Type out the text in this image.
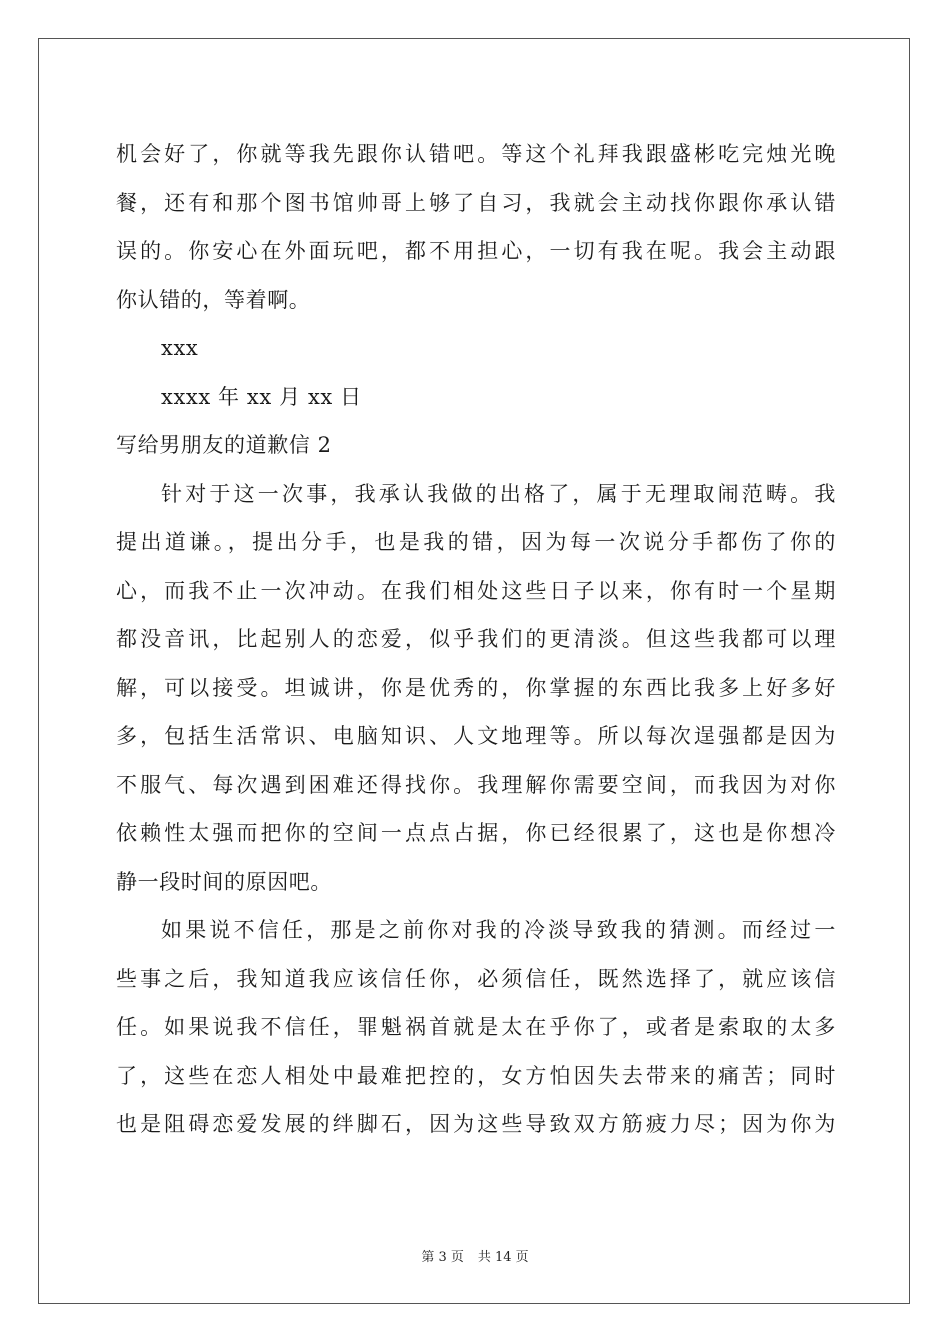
机会好了，你就等我先跟你认错吧。等这个礼拜我跟盛彬吃完烛光晚
餐，还有和那个图书馆帅哥上够了自习，我就会主动找你跟你承认错
误的。你安心在外面玩吧，都不用担心，一切有我在呢。我会主动跟
你认错的，等着啊。
xxx
xxxx 年 xx 月 xx 日
写给男朋友的道歉信 2
针对于这一次事，我承认我做的出格了，属于无理取闹范畴。我
提出道谦。，提出分手，也是我的错，因为每一次说分手都伤了你的
心，而我不止一次冲动。在我们相处这些日子以来，你有时一个星期
都没音讯，比起别人的恋爱，似乎我们的更清淡。但这些我都可以理
解，可以接受。坦诚讲，你是优秀的，你掌握的东西比我多上好多好
多，包括生活常识、电脑知识、人文地理等。所以每次逞强都是因为
不服气、每次遇到困难还得找你。我理解你需要空间，而我因为对你
依赖性太强而把你的空间一点点占据，你已经很累了，这也是你想冷
静一段时间的原因吧。
如果说不信任，那是之前你对我的冷淡导致我的猜测。而经过一
些事之后，我知道我应该信任你，必须信任，既然选择了，就应该信
任。如果说我不信任，罪魁祸首就是太在乎你了，或者是索取的太多
了，这些在恋人相处中最难把控的，女方怕因失去带来的痛苦；同时
也是阻碍恋爱发展的绊脚石，因为这些导致双方筋疲力尽；因为你为
第 3 页 共 14 页
